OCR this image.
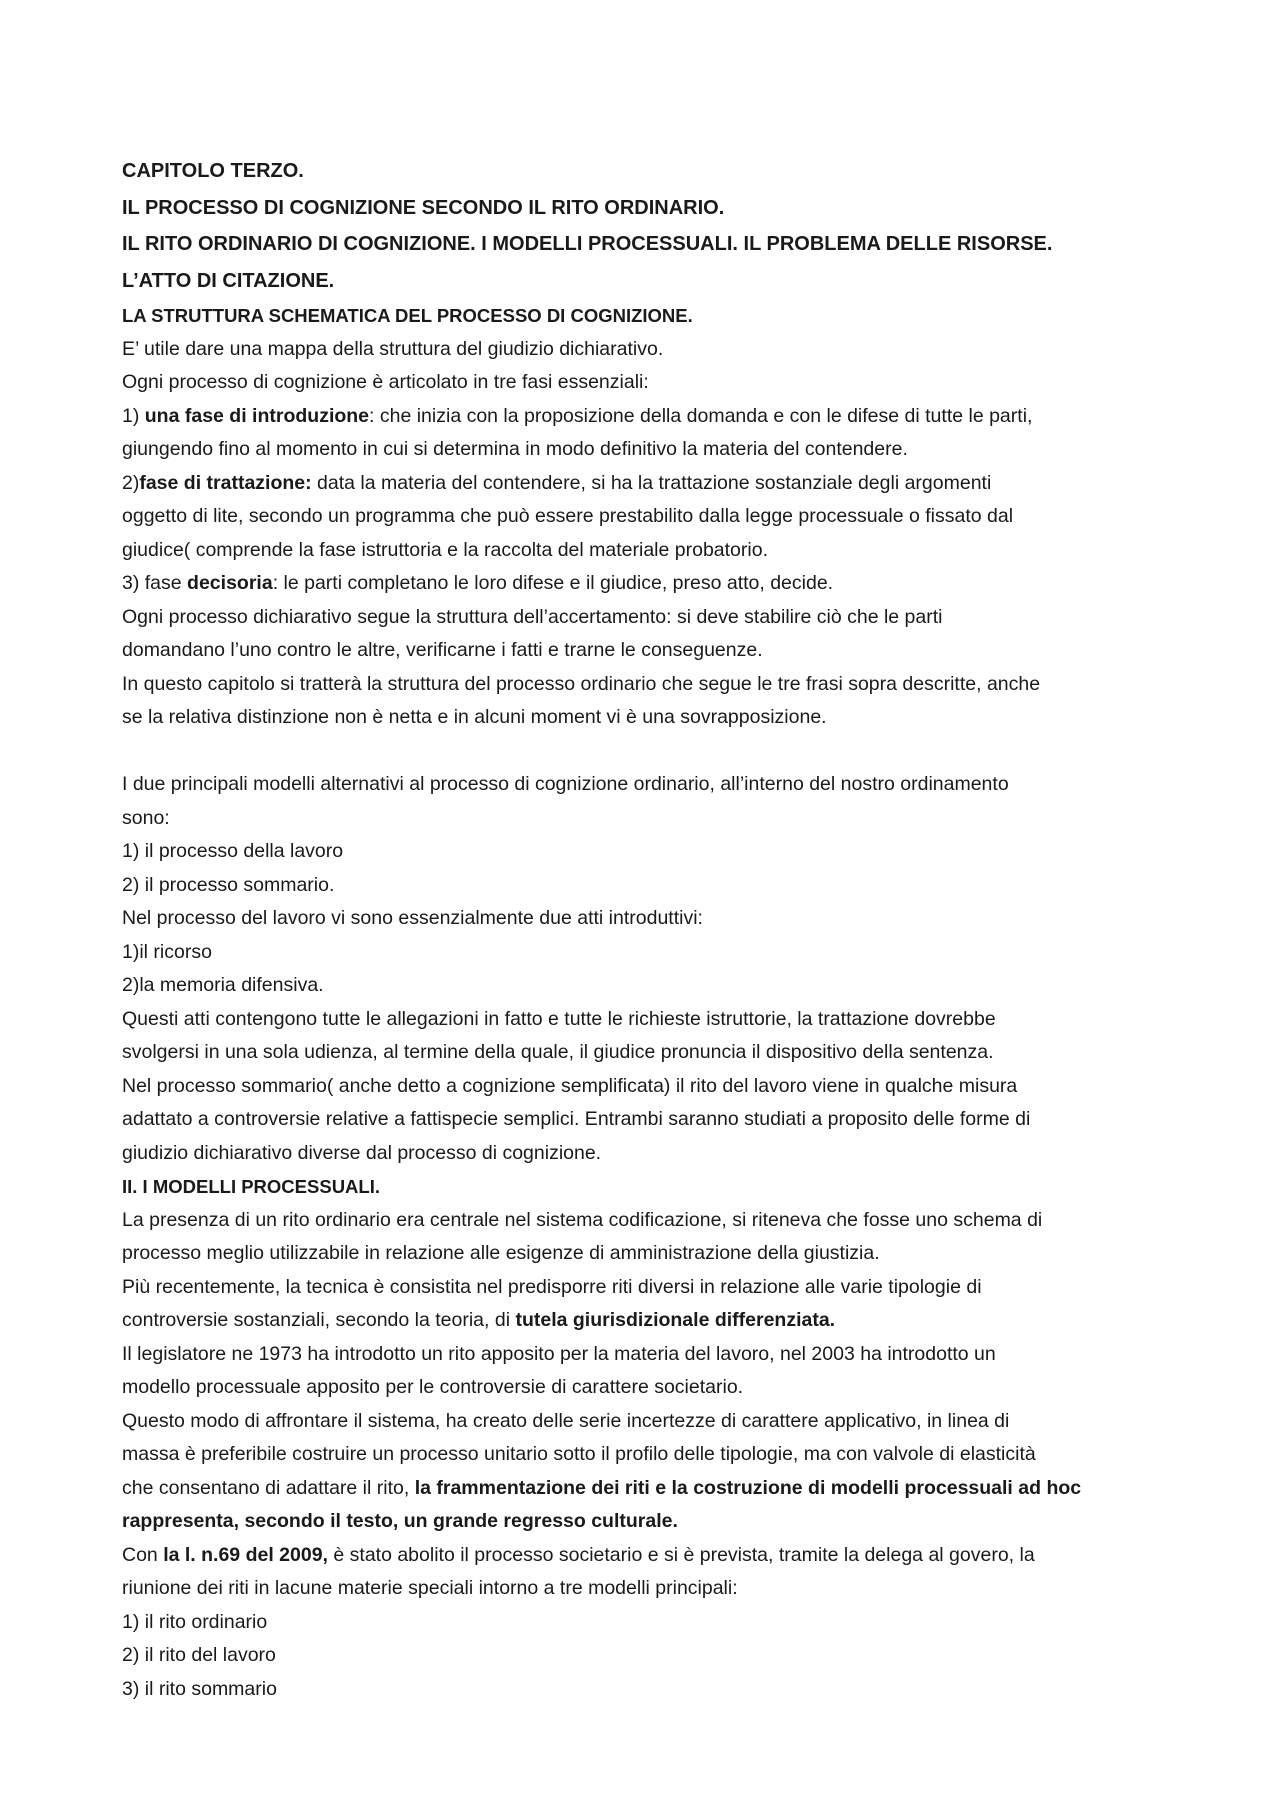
CAPITOLO TERZO.
IL PROCESSO DI COGNIZIONE SECONDO IL RITO ORDINARIO.
IL RITO ORDINARIO DI COGNIZIONE. I MODELLI PROCESSUALI. IL PROBLEMA DELLE RISORSE.
L’ATTO DI CITAZIONE.
LA STRUTTURA SCHEMATICA DEL PROCESSO DI COGNIZIONE.
E’ utile dare una mappa della struttura del giudizio dichiarativo.
Ogni processo di cognizione è articolato in tre fasi essenziali:
1) una fase di introduzione: che inizia con la proposizione della domanda e con le difese di tutte le parti,
giungendo fino al momento in cui si determina in modo definitivo la materia del contendere.
2)fase di trattazione: data la materia del contendere, si ha la trattazione sostanziale degli argomenti
oggetto di lite, secondo un programma che può essere prestabilito dalla legge processuale o fissato dal
giudice( comprende la fase istruttoria e la raccolta del materiale probatorio.
3) fase decisoria: le parti completano le loro difese e il giudice, preso atto, decide.
Ogni processo dichiarativo segue la struttura dell’accertamento: si deve stabilire ciò che le parti
domandano l’uno contro le altre, verificarne i fatti e trarne le conseguenze.
In questo capitolo si tratterà la struttura del processo ordinario che segue le tre frasi sopra descritte, anche
se la relativa distinzione non è netta e in alcuni moment vi è una sovrapposizione.
I due principali modelli alternativi al processo di cognizione ordinario, all’interno del nostro ordinamento
sono:
1) il processo della lavoro
2) il processo sommario.
Nel processo del lavoro vi sono essenzialmente due atti introduttivi:
1)il ricorso
2)la memoria difensiva.
Questi atti contengono tutte le allegazioni in fatto e tutte le richieste istruttorie, la trattazione dovrebbe
svolgersi in una sola udienza, al termine della quale, il giudice pronuncia il dispositivo della sentenza.
Nel processo sommario( anche detto a cognizione semplificata) il rito del lavoro viene in qualche misura
adattato a controversie relative a fattispecie semplici. Entrambi saranno studiati a proposito delle forme di
giudizio dichiarativo diverse dal processo di cognizione.
II. I MODELLI PROCESSUALI.
La presenza di un rito ordinario era centrale nel sistema codificazione, si riteneva che fosse uno schema di
processo meglio utilizzabile in relazione alle esigenze di amministrazione della giustizia.
Più recentemente, la tecnica è consistita nel predisporre riti diversi in relazione alle varie tipologie di
controversie sostanziali, secondo la teoria, di tutela giurisdizionale differenziata.
Il legislatore ne 1973 ha introdotto un rito apposito per la materia del lavoro, nel 2003 ha introdotto un
modello processuale apposito per le controversie di carattere societario.
Questo modo di affrontare il sistema, ha creato delle serie incertezze di carattere applicativo, in linea di
massa è preferibile costruire un processo unitario sotto il profilo delle tipologie, ma con valvole di elasticità
che consentano di adattare il rito, la frammentazione dei riti e la costruzione di modelli processuali ad hoc
rappresenta, secondo il testo, un grande regresso culturale.
Con la l. n.69 del 2009, è stato abolito il processo societario e si è prevista, tramite la delega al govero, la
riunione dei riti in lacune materie speciali intorno a tre modelli principali:
1) il rito ordinario
2) il rito del lavoro
3) il rito sommario
